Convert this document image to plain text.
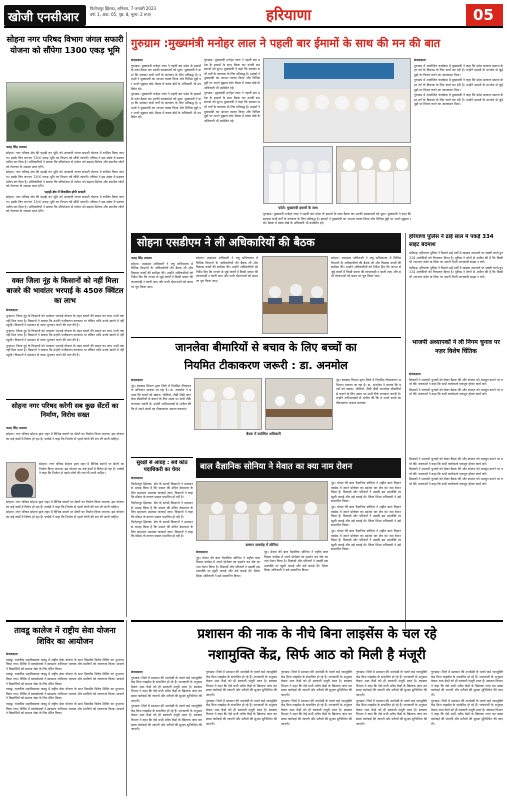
खोजी एनसीआर
फिरोजपुर झिरका, शनिवार, 7 जनवरी 2023
वर्ष: 1, अंक: 05, पृष्ठ: 8, मूल्य: 2 रुपए	हरियाणा	05
सोहना नगर परिषद विभाग जंगल सफारी योजना को सौंपेगा 1300 एकड़ भूमि
फतह सिंह उजाला

सोहना। नगर परिषद क्षेत्र की पहाड़ी वन भूमि को अरावली जंगल सफारी योजना में शामिल किया जाएगा। इसके लिए लगभग 1300 एकड़ भूमि वन विभाग को सौंपी जाएगी। परिषद ने इस संबंध में प्रस्ताव पारित कर दिया है। अधिकारियों ने बताया कि परियोजना से पर्यटन को बढ़ावा मिलेगा और स्थानीय लोगों को रोजगार के अवसर प्राप्त होंगे।

सोहना। नगर परिषद क्षेत्र की पहाड़ी वन भूमि को अरावली जंगल सफारी योजना में शामिल किया जाएगा। इसके लिए लगभग 1300 एकड़ भूमि वन विभाग को सौंपी जाएगी। परिषद ने इस संबंध में प्रस्ताव पारित कर दिया है। अधिकारियों ने बताया कि परियोजना से पर्यटन को बढ़ावा मिलेगा और स्थानीय लोगों को रोजगार के अवसर प्राप्त होंगे।

पहाड़ी क्षेत्र में विकसित होगी सफारी

सोहना। नगर परिषद क्षेत्र की पहाड़ी वन भूमि को अरावली जंगल सफारी योजना में शामिल किया जाएगा। इसके लिए लगभग 1300 एकड़ भूमि वन विभाग को सौंपी जाएगी। परिषद ने इस संबंध में प्रस्ताव पारित कर दिया है। अधिकारियों ने बताया कि परियोजना से पर्यटन को बढ़ावा मिलेगा और स्थानीय लोगों को रोजगार के अवसर प्राप्त होंगे।

वक्त जिला नूंह के किसानों को नहीं मिला बाजरे की भावांतर भरपाई के 450रु क्विंटल का लाभ
संवाददाता

पुन्हाना। जिला नूंह के किसानों को भावांतर भरपाई योजना के तहत बाजरे की फसल का लाभ अभी तक नहीं मिल पाया है। किसानों ने बताया कि उन्होंने पंजीकरण करवाया था लेकिन राशि उनके खातों में नहीं पहुंची। किसानों ने प्रशासन से जल्द भुगतान करने की मांग की है।

पुन्हाना। जिला नूंह के किसानों को भावांतर भरपाई योजना के तहत बाजरे की फसल का लाभ अभी तक नहीं मिल पाया है। किसानों ने बताया कि उन्होंने पंजीकरण करवाया था लेकिन राशि उनके खातों में नहीं पहुंची। किसानों ने प्रशासन से जल्द भुगतान करने की मांग की है।

पुन्हाना। जिला नूंह के किसानों को भावांतर भरपाई योजना के तहत बाजरे की फसल का लाभ अभी तक नहीं मिल पाया है। किसानों ने बताया कि उन्होंने पंजीकरण करवाया था लेकिन राशि उनके खातों में नहीं पहुंची। किसानों ने प्रशासन से जल्द भुगतान करने की मांग की है।

सोहना नगर परिषद करेगी सब कुछ सेंटरों का निर्माण, विरोध सख्त
फतह सिंह उजाला

सोहना। नगर परिषद सोहना द्वारा शहर में विभिन्न स्थानों पर सेंटरों का निर्माण किया जाएगा। इस योजना का कई वार्डों में विरोध हो रहा है। पार्षदों ने कहा कि निर्माण से पहले लोगों की राय ली जानी चाहिए।

सोहना। नगर परिषद सोहना द्वारा शहर में विभिन्न स्थानों पर सेंटरों का निर्माण किया जाएगा। इस योजना का कई वार्डों में विरोध हो रहा है। पार्षदों ने कहा कि निर्माण से पहले लोगों की राय ली जानी चाहिए।

सोहना। नगर परिषद सोहना द्वारा शहर में विभिन्न स्थानों पर सेंटरों का निर्माण किया जाएगा। इस योजना का कई वार्डों में विरोध हो रहा है। पार्षदों ने कहा कि निर्माण से पहले लोगों की राय ली जानी चाहिए।

सोहना। नगर परिषद सोहना द्वारा शहर में विभिन्न स्थानों पर सेंटरों का निर्माण किया जाएगा। इस योजना का कई वार्डों में विरोध हो रहा है। पार्षदों ने कहा कि निर्माण से पहले लोगों की राय ली जानी चाहिए।

गुरुग्राम :मुख्यमंत्री मनोहर लाल ने पहली बार ईमामों के साथ की मन की बात

संवाददाता

गुरुग्राम। मुख्यमंत्री मनोहर लाल ने पहली बार प्रदेश के इमामों के साथ बैठक कर उनकी समस्याओं को सुना। मुख्यमंत्री ने कहा कि सरकार सभी वर्गों के कल्याण के लिए प्रतिबद्ध है। इमामों ने मुख्यमंत्री का आभार व्यक्त किया और विभिन्न मुद्दों पर अपने सुझाव रखे। बैठक में वक्फ बोर्ड के अधिकारी भी उपस्थित रहे।

गुरुग्राम। मुख्यमंत्री मनोहर लाल ने पहली बार प्रदेश के इमामों के साथ बैठक कर उनकी समस्याओं को सुना। मुख्यमंत्री ने कहा कि सरकार सभी वर्गों के कल्याण के लिए प्रतिबद्ध है। इमामों ने मुख्यमंत्री का आभार व्यक्त किया और विभिन्न मुद्दों पर अपने सुझाव रखे। बैठक में वक्फ बोर्ड के अधिकारी भी उपस्थित रहे।

गुरुग्राम। मुख्यमंत्री मनोहर लाल ने पहली बार प्रदेश के इमामों के साथ बैठक कर उनकी समस्याओं को सुना। मुख्यमंत्री ने कहा कि सरकार सभी वर्गों के कल्याण के लिए प्रतिबद्ध है। इमामों ने मुख्यमंत्री का आभार व्यक्त किया और विभिन्न मुद्दों पर अपने सुझाव रखे। बैठक में वक्फ बोर्ड के अधिकारी भी उपस्थित रहे।

गुरुग्राम। मुख्यमंत्री मनोहर लाल ने पहली बार प्रदेश के इमामों के साथ बैठक कर उनकी समस्याओं को सुना। मुख्यमंत्री ने कहा कि सरकार सभी वर्गों के कल्याण के लिए प्रतिबद्ध है। इमामों ने मुख्यमंत्री का आभार व्यक्त किया और विभिन्न मुद्दों पर अपने सुझाव रखे। बैठक में वक्फ बोर्ड के अधिकारी भी उपस्थित रहे।

फोटो: मुख्यमंत्री इमामों के साथ

गुरुग्राम। मुख्यमंत्री मनोहर लाल ने पहली बार प्रदेश के इमामों के साथ बैठक कर उनकी समस्याओं को सुना। मुख्यमंत्री ने कहा कि सरकार सभी वर्गों के कल्याण के लिए प्रतिबद्ध है। इमामों ने मुख्यमंत्री का आभार व्यक्त किया और विभिन्न मुद्दों पर अपने सुझाव रखे। बैठक में वक्फ बोर्ड के अधिकारी भी उपस्थित रहे।

संवाददाता

गुरुग्राम में आयोजित कार्यक्रम में मुख्यमंत्री ने कहा कि प्रदेश सरकार समाज के हर वर्ग के विकास के लिए कार्य कर रही है। उन्होंने इमामों के मानदेय से जुड़े मुद्दों पर विचार करने का आश्वासन दिया।

गुरुग्राम में आयोजित कार्यक्रम में मुख्यमंत्री ने कहा कि प्रदेश सरकार समाज के हर वर्ग के विकास के लिए कार्य कर रही है। उन्होंने इमामों के मानदेय से जुड़े मुद्दों पर विचार करने का आश्वासन दिया।

गुरुग्राम में आयोजित कार्यक्रम में मुख्यमंत्री ने कहा कि प्रदेश सरकार समाज के हर वर्ग के विकास के लिए कार्य कर रही है। उन्होंने इमामों के मानदेय से जुड़े मुद्दों पर विचार करने का आश्वासन दिया।

सोहना एसडीएम ने ली अधिकारियों की बैठक

फतह सिंह उजाला

सोहना। उपमंडल अधिकारी ने लघु सचिवालय में विभिन्न विभागों के अधिकारियों की बैठक ली और विकास कार्यों की समीक्षा की। उन्होंने अधिकारियों को निर्देश दिए कि जनता से जुड़े कार्यों में किसी प्रकार की लापरवाही न बरती जाए और सभी योजनाओं को समय पर पूरा किया जाए।

सोहना। उपमंडल अधिकारी ने लघु सचिवालय में विभिन्न विभागों के अधिकारियों की बैठक ली और विकास कार्यों की समीक्षा की। उन्होंने अधिकारियों को निर्देश दिए कि जनता से जुड़े कार्यों में किसी प्रकार की लापरवाही न बरती जाए और सभी योजनाओं को समय पर पूरा किया जाए।

सोहना। उपमंडल अधिकारी ने लघु सचिवालय में विभिन्न विभागों के अधिकारियों की बैठक ली और विकास कार्यों की समीक्षा की। उन्होंने अधिकारियों को निर्देश दिए कि जनता से जुड़े कार्यों में किसी प्रकार की लापरवाही न बरती जाए और सभी योजनाओं को समय पर पूरा किया जाए।

हरियाणा पुलिस ने ढाई साल में पकड़े 334 साइट बदमाश

चंडीगढ़। हरियाणा पुलिस ने पिछले ढाई वर्षों में साइबर अपराधों पर सख्ती करते हुए 334 आरोपियों को गिरफ्तार किया है। पुलिस ने लोगों से अपील की है कि किसी भी अनजान कॉल या लिंक पर अपनी निजी जानकारी साझा न करें।

चंडीगढ़। हरियाणा पुलिस ने पिछले ढाई वर्षों में साइबर अपराधों पर सख्ती करते हुए 334 आरोपियों को गिरफ्तार किया है। पुलिस ने लोगों से अपील की है कि किसी भी अनजान कॉल या लिंक पर अपनी निजी जानकारी साझा न करें।

जानलेवा बीमारियों से बचाव के लिए बच्चों का
नियमित टीकाकरण जरूरी : डा. अनमोल

संवाददाता

नूंह। स्वास्थ्य विभाग द्वारा जिले में नियमित टीकाकरण अभियान चलाया जा रहा है। डा. अनमोल ने बताया कि बच्चों को खसरा, पोलियो, टीबी जैसी जानलेवा बीमारियों से बचाने के लिए समय पर सभी टीके लगवाना जरूरी है। उन्होंने अभिभावकों से अपील की कि वे अपने बच्चों का टीकाकरण अवश्य करवाएं।

बैठक में उपस्थित अधिकारी

नूंह। स्वास्थ्य विभाग द्वारा जिले में नियमित टीकाकरण अभियान चलाया जा रहा है। डा. अनमोल ने बताया कि बच्चों को खसरा, पोलियो, टीबी जैसी जानलेवा बीमारियों से बचाने के लिए समय पर सभी टीके लगवाना जरूरी है। उन्होंने अभिभावकों से अपील की कि वे अपने बच्चों का टीकाकरण अवश्य करवाएं।

भाजपी अध्यापकों ने ली निगम चुनाव पर नज़र विशेष चिंतिक

संवाददाता

शिक्षकों ने आगामी चुनावों को लेकर बैठक की और संगठन को मजबूत बनाने पर चर्चा की। वक्ताओं ने कहा कि सभी कार्यकर्ता एकजुट होकर कार्य करें।

शिक्षकों ने आगामी चुनावों को लेकर बैठक की और संगठन को मजबूत बनाने पर चर्चा की। वक्ताओं ने कहा कि सभी कार्यकर्ता एकजुट होकर कार्य करें।

सुरक्षी से आग्रह : सर्व कोठ पदाधिकरी का चेयर

संवाददाता

फिरोजपुर झिरका। क्षेत्र के सरसों किसानों ने प्रशासन से आग्रह किया है कि फसल की उचित देखभाल के लिए सहायता उपलब्ध करवाई जाए। किसानों ने कहा कि मौसम के कारण फसल प्रभावित हो रही है।

फिरोजपुर झिरका। क्षेत्र के सरसों किसानों ने प्रशासन से आग्रह किया है कि फसल की उचित देखभाल के लिए सहायता उपलब्ध करवाई जाए। किसानों ने कहा कि मौसम के कारण फसल प्रभावित हो रही है।

फिरोजपुर झिरका। क्षेत्र के सरसों किसानों ने प्रशासन से आग्रह किया है कि फसल की उचित देखभाल के लिए सहायता उपलब्ध करवाई जाए। किसानों ने कहा कि मौसम के कारण फसल प्रभावित हो रही है।

बाल वैज्ञानिक सोनिया ने मेवात का क्या नाम रोशन
सम्मान समारोह में सोनिया

संवाददाता

नूंह। मेवात की बाल वैज्ञानिक सोनिया ने राष्ट्रीय बाल विज्ञान कांग्रेस में अपने प्रोजेक्ट का प्रदर्शन कर क्षेत्र का नाम रोशन किया है। शिक्षकों और परिजनों ने उसकी इस उपलब्धि पर खुशी जताई और उसे बधाई दी। जिला शिक्षा अधिकारी ने उसे सम्मानित किया।

नूंह। मेवात की बाल वैज्ञानिक सोनिया ने राष्ट्रीय बाल विज्ञान कांग्रेस में अपने प्रोजेक्ट का प्रदर्शन कर क्षेत्र का नाम रोशन किया है। शिक्षकों और परिजनों ने उसकी इस उपलब्धि पर खुशी जताई और उसे बधाई दी। जिला शिक्षा अधिकारी ने उसे सम्मानित किया।

नूंह। मेवात की बाल वैज्ञानिक सोनिया ने राष्ट्रीय बाल विज्ञान कांग्रेस में अपने प्रोजेक्ट का प्रदर्शन कर क्षेत्र का नाम रोशन किया है। शिक्षकों और परिजनों ने उसकी इस उपलब्धि पर खुशी जताई और उसे बधाई दी। जिला शिक्षा अधिकारी ने उसे सम्मानित किया।

नूंह। मेवात की बाल वैज्ञानिक सोनिया ने राष्ट्रीय बाल विज्ञान कांग्रेस में अपने प्रोजेक्ट का प्रदर्शन कर क्षेत्र का नाम रोशन किया है। शिक्षकों और परिजनों ने उसकी इस उपलब्धि पर खुशी जताई और उसे बधाई दी। जिला शिक्षा अधिकारी ने उसे सम्मानित किया।

नूंह। मेवात की बाल वैज्ञानिक सोनिया ने राष्ट्रीय बाल विज्ञान कांग्रेस में अपने प्रोजेक्ट का प्रदर्शन कर क्षेत्र का नाम रोशन किया है। शिक्षकों और परिजनों ने उसकी इस उपलब्धि पर खुशी जताई और उसे बधाई दी। जिला शिक्षा अधिकारी ने उसे सम्मानित किया।

शिक्षकों ने आगामी चुनावों को लेकर बैठक की और संगठन को मजबूत बनाने पर चर्चा की। वक्ताओं ने कहा कि सभी कार्यकर्ता एकजुट होकर कार्य करें।

शिक्षकों ने आगामी चुनावों को लेकर बैठक की और संगठन को मजबूत बनाने पर चर्चा की। वक्ताओं ने कहा कि सभी कार्यकर्ता एकजुट होकर कार्य करें।

शिक्षकों ने आगामी चुनावों को लेकर बैठक की और संगठन को मजबूत बनाने पर चर्चा की। वक्ताओं ने कहा कि सभी कार्यकर्ता एकजुट होकर कार्य करें।

प्रशासन की नाक के नीचे बिना लाइसेंस के चल रहे
नशामुक्ति केंद्र, सिर्फ आठ को मिली है मंजूरी
तावडू कालेज में राष्ट्रीय सेवा योजना शिविर का आयोजन

संवाददाता

तावडू। राजकीय महाविद्यालय तावडू में राष्ट्रीय सेवा योजना के सात दिवसीय विशेष शिविर का शुभारंभ किया गया। शिविर में स्वयंसेवकों ने स्वच्छता अभियान चलाया और ग्रामीणों को जागरूक किया। प्राचार्य ने विद्यार्थियों को समाज सेवा के लिए प्रेरित किया।

तावडू। राजकीय महाविद्यालय तावडू में राष्ट्रीय सेवा योजना के सात दिवसीय विशेष शिविर का शुभारंभ किया गया। शिविर में स्वयंसेवकों ने स्वच्छता अभियान चलाया और ग्रामीणों को जागरूक किया। प्राचार्य ने विद्यार्थियों को समाज सेवा के लिए प्रेरित किया।

तावडू। राजकीय महाविद्यालय तावडू में राष्ट्रीय सेवा योजना के सात दिवसीय विशेष शिविर का शुभारंभ किया गया। शिविर में स्वयंसेवकों ने स्वच्छता अभियान चलाया और ग्रामीणों को जागरूक किया। प्राचार्य ने विद्यार्थियों को समाज सेवा के लिए प्रेरित किया।

तावडू। राजकीय महाविद्यालय तावडू में राष्ट्रीय सेवा योजना के सात दिवसीय विशेष शिविर का शुभारंभ किया गया। शिविर में स्वयंसेवकों ने स्वच्छता अभियान चलाया और ग्रामीणों को जागरूक किया। प्राचार्य ने विद्यार्थियों को समाज सेवा के लिए प्रेरित किया।

संवाददाता

गुरुग्राम। जिले में प्रशासन की अनदेखी के चलते कई नशामुक्ति केंद्र बिना लाइसेंस के संचालित हो रहे हैं। जानकारी के अनुसार केवल आठ केंद्रों को ही सरकारी मंजूरी प्राप्त है। स्वास्थ्य विभाग ने कहा कि ऐसे सभी अवैध केंद्रों के खिलाफ जांच कर सख्त कार्रवाई की जाएगी और मरीजों की सुरक्षा सुनिश्चित की जाएगी।

गुरुग्राम। जिले में प्रशासन की अनदेखी के चलते कई नशामुक्ति केंद्र बिना लाइसेंस के संचालित हो रहे हैं। जानकारी के अनुसार केवल आठ केंद्रों को ही सरकारी मंजूरी प्राप्त है। स्वास्थ्य विभाग ने कहा कि ऐसे सभी अवैध केंद्रों के खिलाफ जांच कर सख्त कार्रवाई की जाएगी और मरीजों की सुरक्षा सुनिश्चित की जाएगी।

गुरुग्राम। जिले में प्रशासन की अनदेखी के चलते कई नशामुक्ति केंद्र बिना लाइसेंस के संचालित हो रहे हैं। जानकारी के अनुसार केवल आठ केंद्रों को ही सरकारी मंजूरी प्राप्त है। स्वास्थ्य विभाग ने कहा कि ऐसे सभी अवैध केंद्रों के खिलाफ जांच कर सख्त कार्रवाई की जाएगी और मरीजों की सुरक्षा सुनिश्चित की जाएगी।

गुरुग्राम। जिले में प्रशासन की अनदेखी के चलते कई नशामुक्ति केंद्र बिना लाइसेंस के संचालित हो रहे हैं। जानकारी के अनुसार केवल आठ केंद्रों को ही सरकारी मंजूरी प्राप्त है। स्वास्थ्य विभाग ने कहा कि ऐसे सभी अवैध केंद्रों के खिलाफ जांच कर सख्त कार्रवाई की जाएगी और मरीजों की सुरक्षा सुनिश्चित की जाएगी।

गुरुग्राम। जिले में प्रशासन की अनदेखी के चलते कई नशामुक्ति केंद्र बिना लाइसेंस के संचालित हो रहे हैं। जानकारी के अनुसार केवल आठ केंद्रों को ही सरकारी मंजूरी प्राप्त है। स्वास्थ्य विभाग ने कहा कि ऐसे सभी अवैध केंद्रों के खिलाफ जांच कर सख्त कार्रवाई की जाएगी और मरीजों की सुरक्षा सुनिश्चित की जाएगी।

गुरुग्राम। जिले में प्रशासन की अनदेखी के चलते कई नशामुक्ति केंद्र बिना लाइसेंस के संचालित हो रहे हैं। जानकारी के अनुसार केवल आठ केंद्रों को ही सरकारी मंजूरी प्राप्त है। स्वास्थ्य विभाग ने कहा कि ऐसे सभी अवैध केंद्रों के खिलाफ जांच कर सख्त कार्रवाई की जाएगी और मरीजों की सुरक्षा सुनिश्चित की जाएगी।

गुरुग्राम। जिले में प्रशासन की अनदेखी के चलते कई नशामुक्ति केंद्र बिना लाइसेंस के संचालित हो रहे हैं। जानकारी के अनुसार केवल आठ केंद्रों को ही सरकारी मंजूरी प्राप्त है। स्वास्थ्य विभाग ने कहा कि ऐसे सभी अवैध केंद्रों के खिलाफ जांच कर सख्त कार्रवाई की जाएगी और मरीजों की सुरक्षा सुनिश्चित की जाएगी।

गुरुग्राम। जिले में प्रशासन की अनदेखी के चलते कई नशामुक्ति केंद्र बिना लाइसेंस के संचालित हो रहे हैं। जानकारी के अनुसार केवल आठ केंद्रों को ही सरकारी मंजूरी प्राप्त है। स्वास्थ्य विभाग ने कहा कि ऐसे सभी अवैध केंद्रों के खिलाफ जांच कर सख्त कार्रवाई की जाएगी और मरीजों की सुरक्षा सुनिश्चित की जाएगी।

गुरुग्राम। जिले में प्रशासन की अनदेखी के चलते कई नशामुक्ति केंद्र बिना लाइसेंस के संचालित हो रहे हैं। जानकारी के अनुसार केवल आठ केंद्रों को ही सरकारी मंजूरी प्राप्त है। स्वास्थ्य विभाग ने कहा कि ऐसे सभी अवैध केंद्रों के खिलाफ जांच कर सख्त कार्रवाई की जाएगी और मरीजों की सुरक्षा सुनिश्चित की जाएगी।

गुरुग्राम। जिले में प्रशासन की अनदेखी के चलते कई नशामुक्ति केंद्र बिना लाइसेंस के संचालित हो रहे हैं। जानकारी के अनुसार केवल आठ केंद्रों को ही सरकारी मंजूरी प्राप्त है। स्वास्थ्य विभाग ने कहा कि ऐसे सभी अवैध केंद्रों के खिलाफ जांच कर सख्त कार्रवाई की जाएगी और मरीजों की सुरक्षा सुनिश्चित की जाएगी।
